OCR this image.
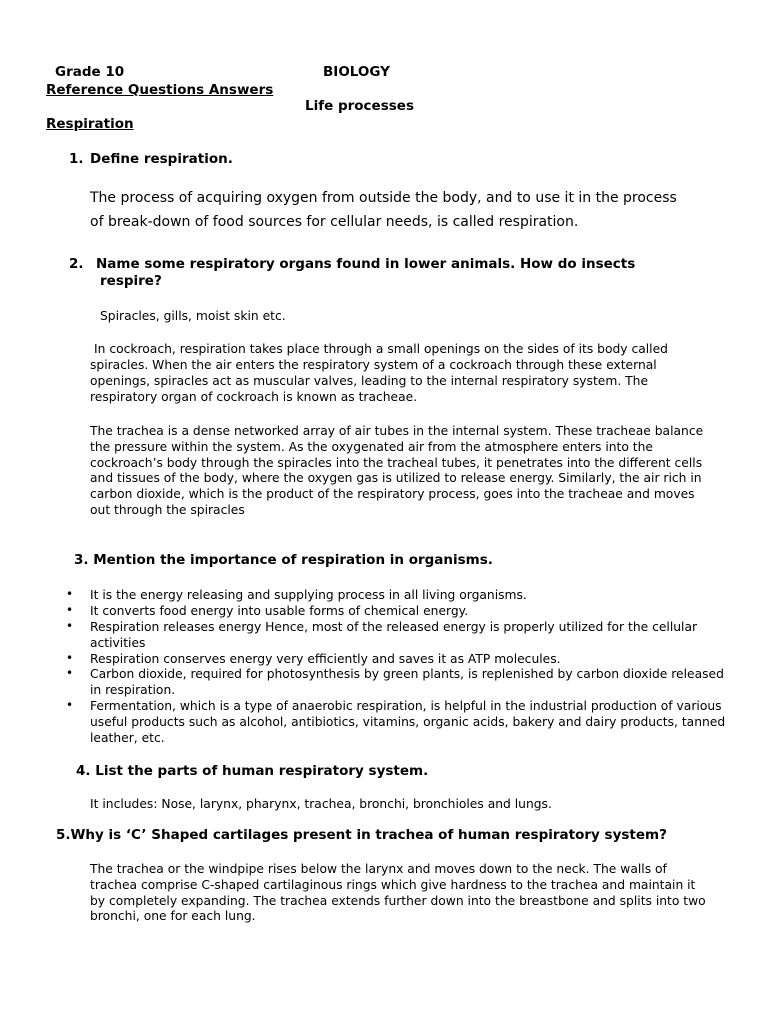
Grade 10	BIOLOGY
Reference Questions Answers
Life processes
Respiration
1. Define respiration.
The process of acquiring oxygen from outside the body, and to use it in the process
of break-down of food sources for cellular needs, is called respiration.
2. Name some respiratory organs found in lower animals. How do insects
respire?
Spiracles, gills, moist skin etc.
In cockroach, respiration takes place through a small openings on the sides of its body called
spiracles. When the air enters the respiratory system of a cockroach through these external
openings, spiracles act as muscular valves, leading to the internal respiratory system. The
respiratory organ of cockroach is known as tracheae.
The trachea is a dense networked array of air tubes in the internal system. These tracheae balance
the pressure within the system. As the oxygenated air from the atmosphere enters into the
cockroach’s body through the spiracles into the tracheal tubes, it penetrates into the different cells
and tissues of the body, where the oxygen gas is utilized to release energy. Similarly, the air rich in
carbon dioxide, which is the product of the respiratory process, goes into the tracheae and moves
out through the spiracles
3. Mention the importance of respiration in organisms.
• It is the energy releasing and supplying process in all living organisms.
• It converts food energy into usable forms of chemical energy.
• Respiration releases energy Hence, most of the released energy is properly utilized for the cellular activities
• Respiration conserves energy very efficiently and saves it as ATP molecules.
• Carbon dioxide, required for photosynthesis by green plants, is replenished by carbon dioxide released in respiration.
• Fermentation, which is a type of anaerobic respiration, is helpful in the industrial production of various useful products such as alcohol, antibiotics, vitamins, organic acids, bakery and dairy products, tanned leather, etc.
4. List the parts of human respiratory system.
It includes: Nose, larynx, pharynx, trachea, bronchi, bronchioles and lungs.
5.Why is ‘C’ Shaped cartilages present in trachea of human respiratory system?
The trachea or the windpipe rises below the larynx and moves down to the neck. The walls of
trachea comprise C-shaped cartilaginous rings which give hardness to the trachea and maintain it
by completely expanding. The trachea extends further down into the breastbone and splits into two
bronchi, one for each lung.
